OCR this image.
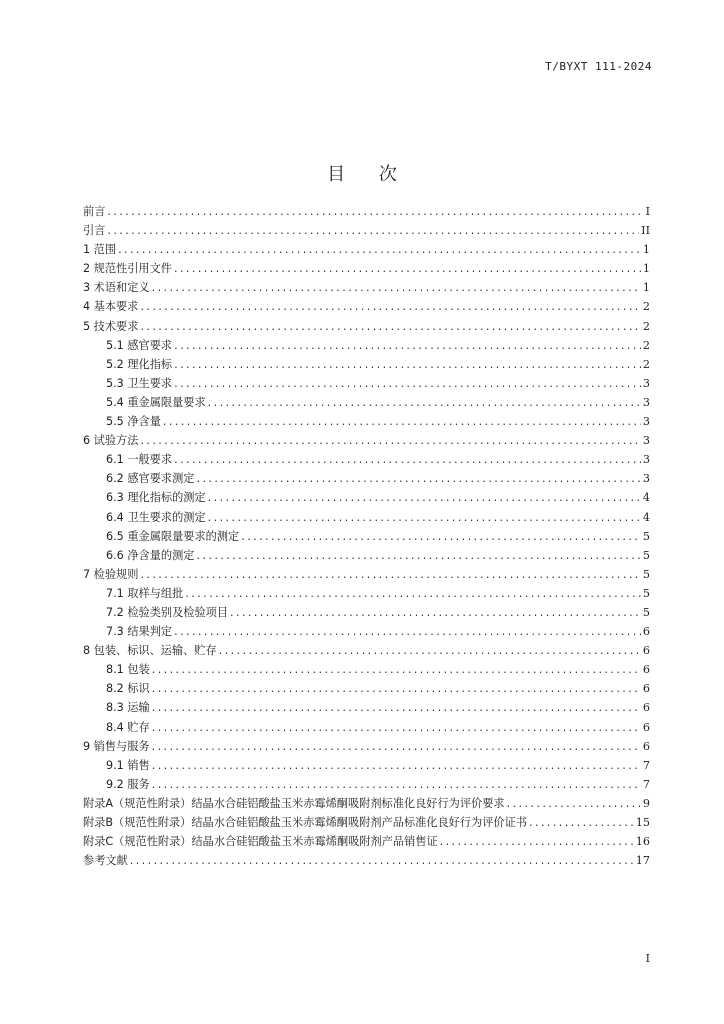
T/BYXT 111-2024
目 次
前言 .....	I
引言 .....	II
1 范围 .....	1
2 规范性引用文件 .....	1
3 术语和定义 .....	1
4 基本要求 .....	2
5 技术要求 .....	2
5.1 感官要求 .....	2
5.2 理化指标 .....	2
5.3 卫生要求 .....	3
5.4 重金属限量要求 .....	3
5.5 净含量 .....	3
6 试验方法 .....	3
6.1 一般要求 .....	3
6.2 感官要求测定 .....	3
6.3 理化指标的测定 .....	4
6.4 卫生要求的测定 .....	4
6.5 重金属限量要求的测定 .....	5
6.6 净含量的测定 .....	5
7 检验规则 .....	5
7.1 取样与组批 .....	5
7.2 检验类别及检验项目 .....	5
7.3 结果判定 .....	6
8 包装、标识、运输、贮存 .....	6
8.1 包装 .....	6
8.2 标识 .....	6
8.3 运输 .....	6
8.4 贮存 .....	6
9 销售与服务 .....	6
9.1 销售 .....	7
9.2 服务 .....	7
附录A（规范性附录）结晶水合硅铝酸盐玉米赤霉烯酮吸附剂标准化良好行为评价要求 .....	9
附录B（规范性附录）结晶水合硅铝酸盐玉米赤霉烯酮吸附剂产品标准化良好行为评价证书 .....	15
附录C（规范性附录）结晶水合硅铝酸盐玉米赤霉烯酮吸附剂产品销售证 .....	16
参考文献 .....	17
I
